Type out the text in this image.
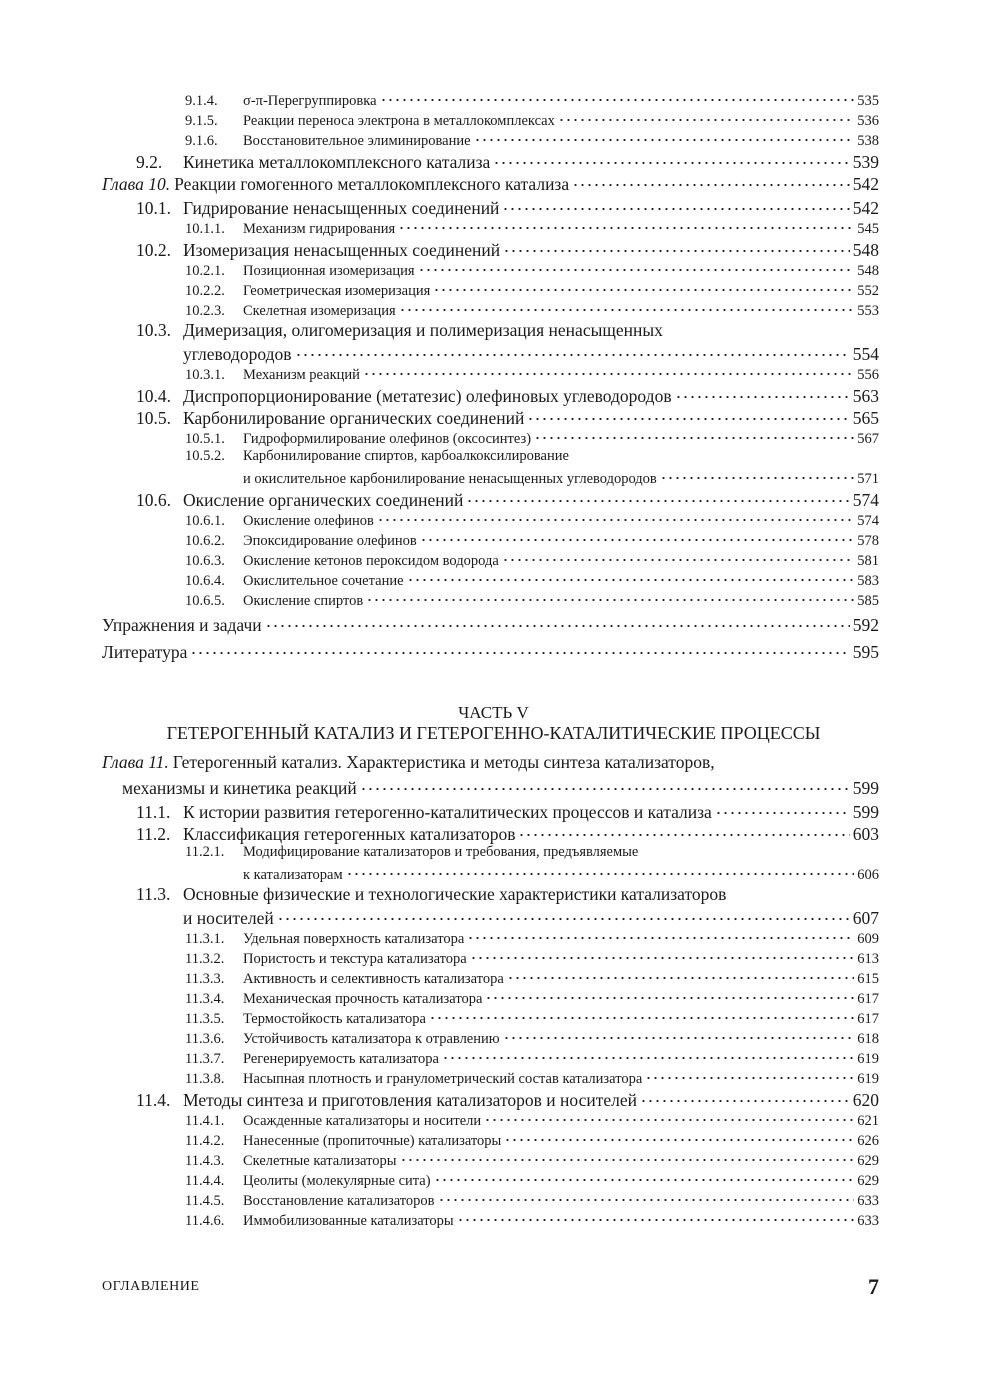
9.1.4.	σ-π-Перегруппировка	535
9.1.5.	Реакции переноса электрона в металлокомплексах	536
9.1.6.	Восстановительное элиминирование	538
9.2.	Кинетика металлокомплексного катализа	539
Глава 10. Реакции гомогенного металлокомплексного катализа	542
10.1. Гидрирование ненасыщенных соединений	542
10.1.1.	Механизм гидрирования	545
10.2. Изомеризация ненасыщенных соединений	548
10.2.1.	Позиционная изомеризация	548
10.2.2.	Геометрическая изомеризация	552
10.2.3.	Скелетная изомеризация	553
10.3. Димеризация, олигомеризация и полимеризация ненасыщенных
углеводородов	554
10.3.1.	Механизм реакций	556
10.4. Диспропорционирование (метатезис) олефиновых углеводородов	563
10.5. Карбонилирование органических соединений	565
10.5.1.	Гидроформилирование олефинов (оксосинтез)	567
10.5.2.	Карбонилирование спиртов, карбоалкоксилирование
и окислительное карбонилирование ненасыщенных углеводородов	571
10.6. Окисление органических соединений	574
10.6.1.	Окисление олефинов	574
10.6.2.	Эпоксидирование олефинов	578
10.6.3.	Окисление кетонов пероксидом водорода	581
10.6.4.	Окислительное сочетание	583
10.6.5.	Окисление спиртов	585
Упражнения и задачи	592
Литература	595
ЧАСТЬ V
ГЕТЕРОГЕННЫЙ КАТАЛИЗ И ГЕТЕРОГЕННО-КАТАЛИТИЧЕСКИЕ ПРОЦЕССЫ
Глава 11. Гетерогенный катализ. Характеристика и методы синтеза катализаторов,
механизмы и кинетика реакций	599
11.1. К истории развития гетерогенно-каталитических процессов и катализа	599
11.2. Классификация гетерогенных катализаторов	603
11.2.1.	Модифицирование катализаторов и требования, предъявляемые
к катализаторам	606
11.3. Основные физические и технологические характеристики катализаторов
и носителей	607
11.3.1.	Удельная поверхность катализатора	609
11.3.2.	Пористость и текстура катализатора	613
11.3.3.	Активность и селективность катализатора	615
11.3.4.	Механическая прочность катализатора	617
11.3.5.	Термостойкость катализатора	617
11.3.6.	Устойчивость катализатора к отравлению	618
11.3.7.	Регенерируемость катализатора	619
11.3.8.	Насыпная плотность и гранулометрический состав катализатора	619
11.4. Методы синтеза и приготовления катализаторов и носителей	620
11.4.1.	Осажденные катализаторы и носители	621
11.4.2.	Нанесенные (пропиточные) катализаторы	626
11.4.3.	Скелетные катализаторы	629
11.4.4.	Цеолиты (молекулярные сита)	629
11.4.5.	Восстановление катализаторов	633
11.4.6.	Иммобилизованные катализаторы	633
ОГЛАВЛЕНИЕ	7
